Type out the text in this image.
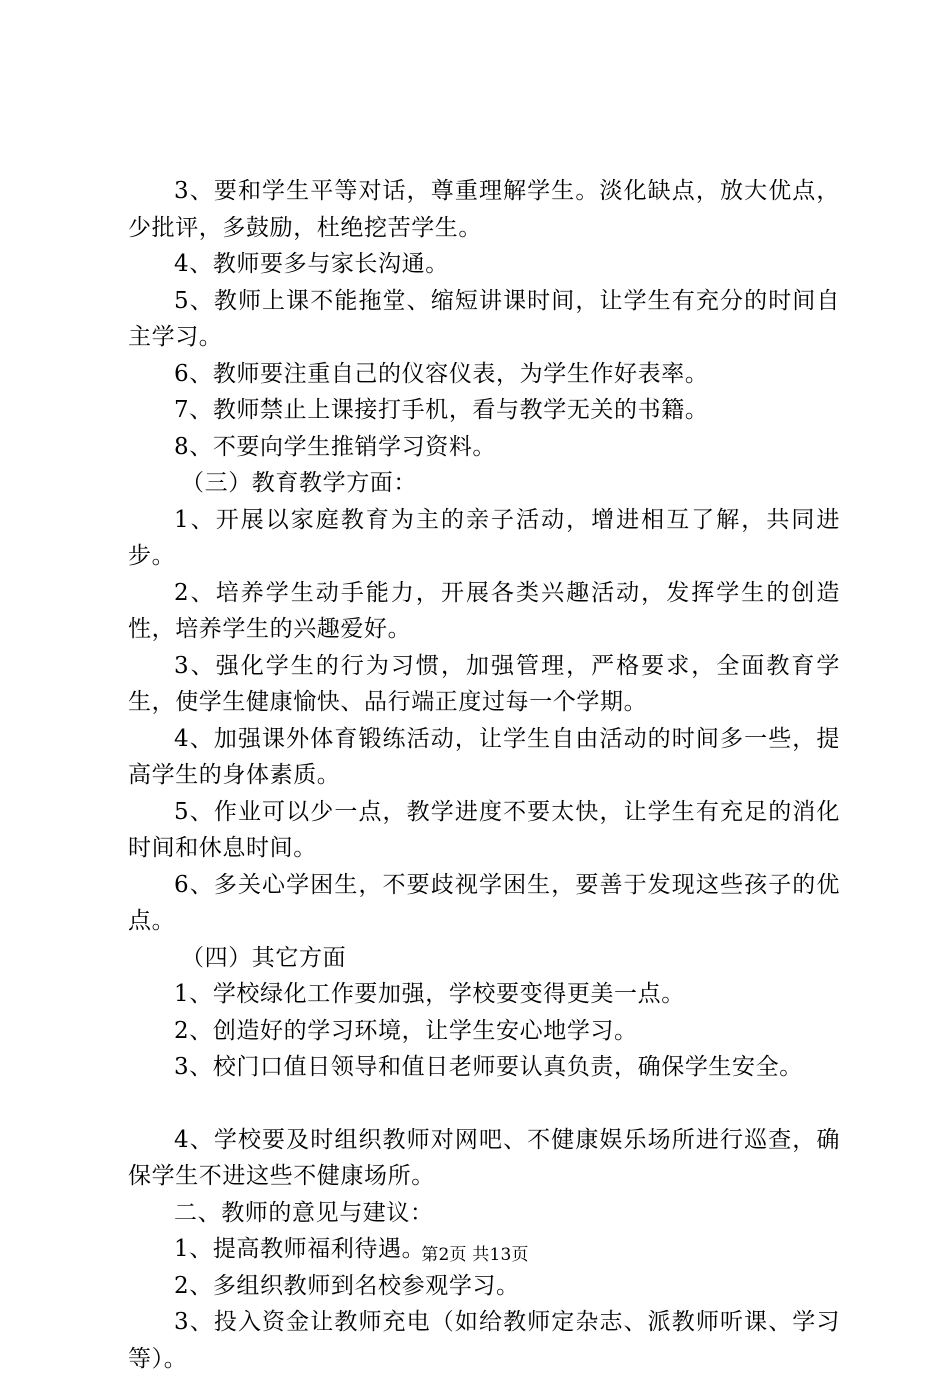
3、要和学生平等对话，尊重理解学生。淡化缺点，放大优点，少批评，多鼓励，杜绝挖苦学生。

4、教师要多与家长沟通。

5、教师上课不能拖堂、缩短讲课时间，让学生有充分的时间自主学习。

6、教师要注重自己的仪容仪表，为学生作好表率。

7、教师禁止上课接打手机，看与教学无关的书籍。

8、不要向学生推销学习资料。

（三）教育教学方面：

1、开展以家庭教育为主的亲子活动，增进相互了解，共同进步。

2、培养学生动手能力，开展各类兴趣活动，发挥学生的创造性，培养学生的兴趣爱好。

3、强化学生的行为习惯，加强管理，严格要求，全面教育学生，使学生健康愉快、品行端正度过每一个学期。

4、加强课外体育锻练活动，让学生自由活动的时间多一些，提高学生的身体素质。

5、作业可以少一点，教学进度不要太快，让学生有充足的消化时间和休息时间。

6、多关心学困生，不要歧视学困生，要善于发现这些孩子的优点。

（四）其它方面

1、学校绿化工作要加强，学校要变得更美一点。

2、创造好的学习环境，让学生安心地学习。

3、校门口值日领导和值日老师要认真负责，确保学生安全。

4、学校要及时组织教师对网吧、不健康娱乐场所进行巡查，确保学生不进这些不健康场所。

二、教师的意见与建议：

1、提高教师福利待遇。

2、多组织教师到名校参观学习。

3、投入资金让教师充电（如给教师定杂志、派教师听课、学习等）。

第2页 共13页
